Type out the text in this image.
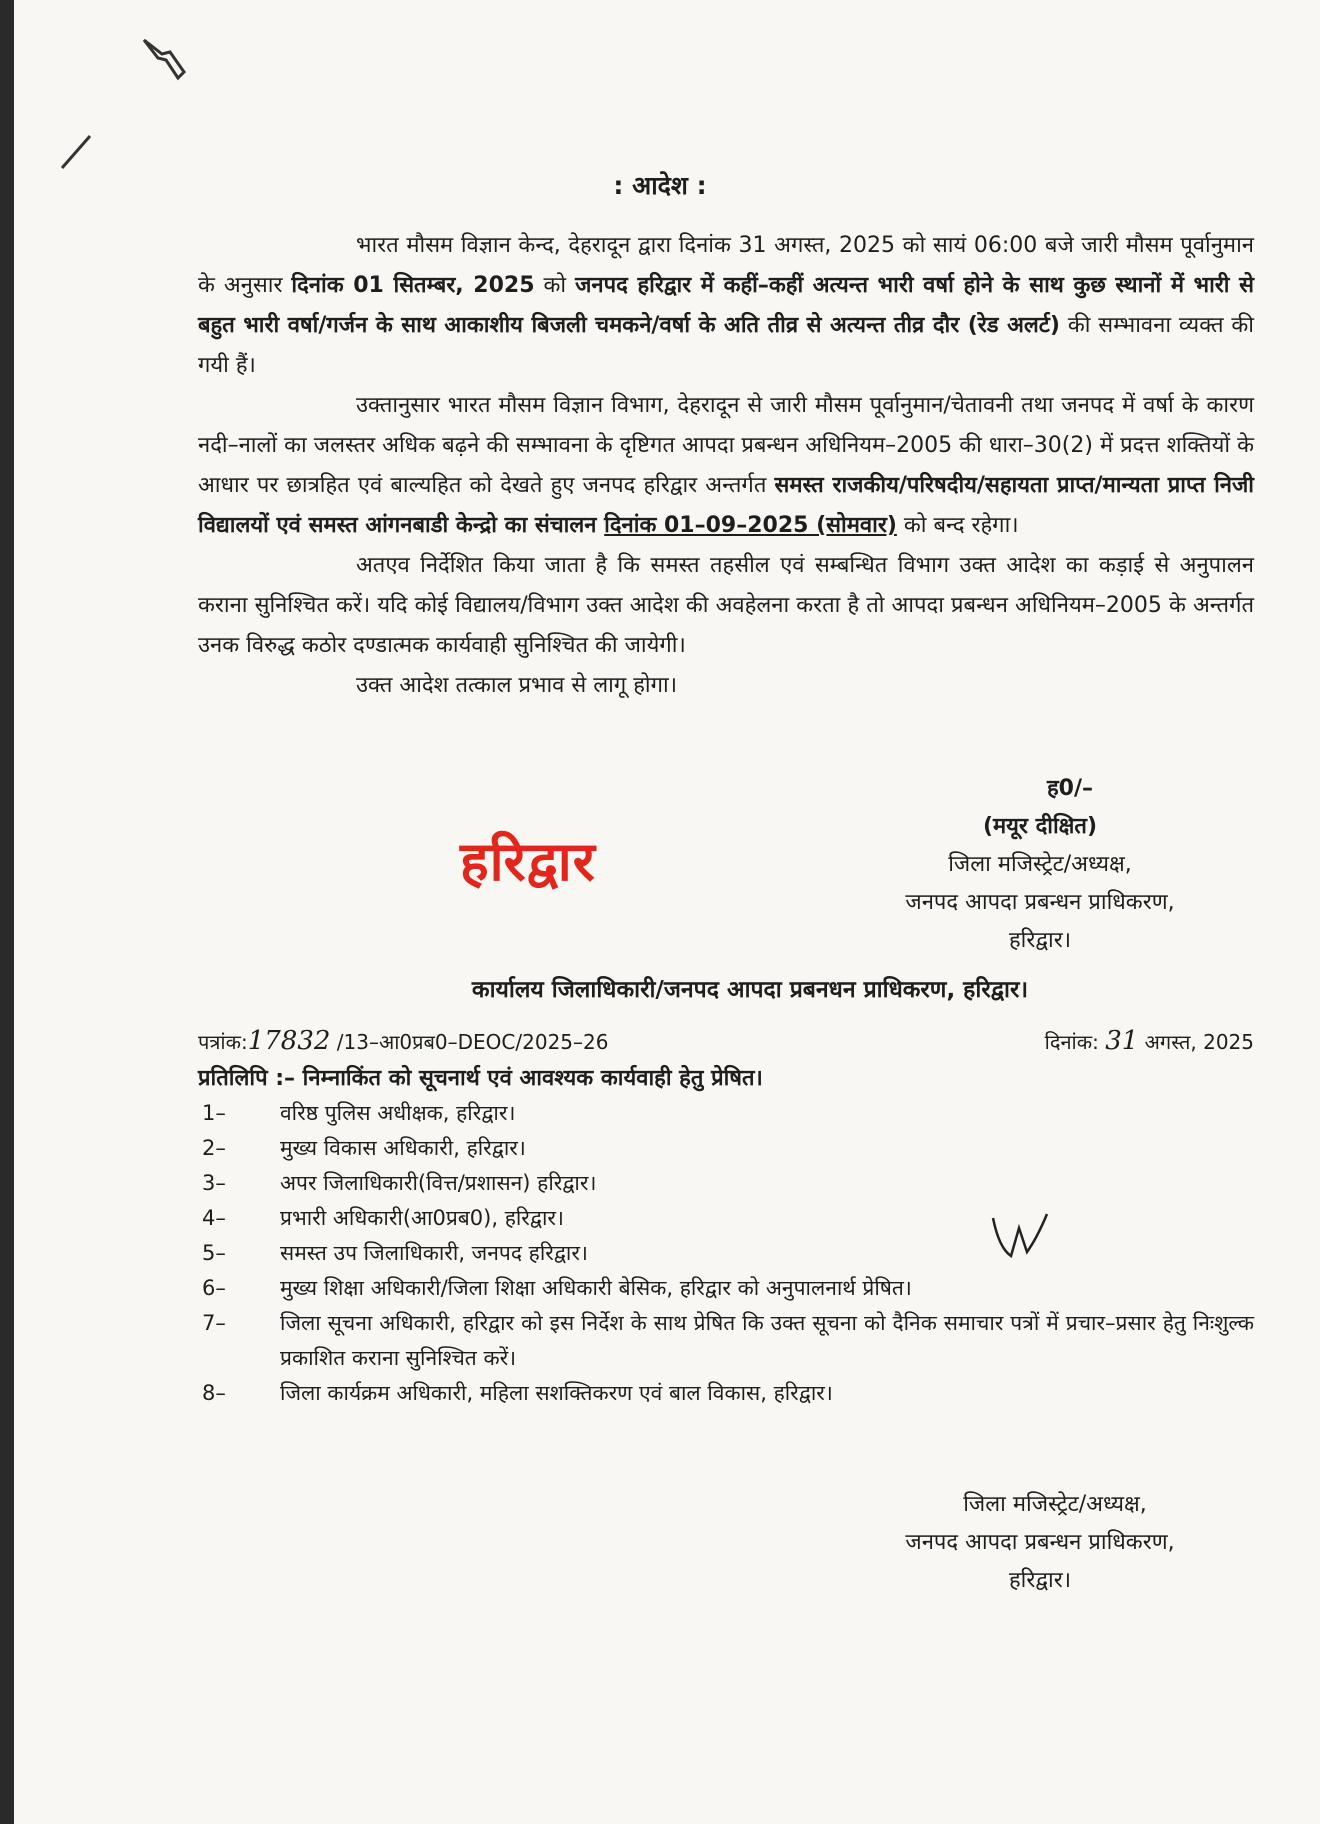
: आदेश :

भारत मौसम विज्ञान केन्द, देहरादून द्वारा दिनांक 31 अगस्त, 2025 को सायं 06:00 बजे जारी मौसम पूर्वानुमान के अनुसार दिनांक 01 सितम्बर, 2025 को जनपद हरिद्वार में कहीं–कहीं अत्यन्त भारी वर्षा होने के साथ कुछ स्थानों में भारी से बहुत भारी वर्षा/गर्जन के साथ आकाशीय बिजली चमकने/वर्षा के अति तीव्र से अत्यन्त तीव्र दौर (रेड अलर्ट) की सम्भावना व्यक्त की गयी हैं।

उक्तानुसार भारत मौसम विज्ञान विभाग, देहरादून से जारी मौसम पूर्वानुमान/चेतावनी तथा जनपद में वर्षा के कारण नदी–नालों का जलस्तर अधिक बढ़ने की सम्भावना के दृष्टिगत आपदा प्रबन्धन अधिनियम–2005 की धारा–30(2) में प्रदत्त शक्तियों के आधार पर छात्रहित एवं बाल्यहित को देखते हुए जनपद हरिद्वार अन्तर्गत समस्त राजकीय/परिषदीय/सहायता प्राप्त/मान्यता प्राप्त निजी विद्यालयों एवं समस्त आंगनबाडी केन्द्रो का संचालन दिनांक 01–09–2025 (सोमवार) को बन्द रहेगा।

अतएव निर्देशित किया जाता है कि समस्त तहसील एवं सम्बन्धित विभाग उक्त आदेश का कड़ाई से अनुपालन कराना सुनिश्चित करें। यदि कोई विद्यालय/विभाग उक्त आदेश की अवहेलना करता है तो आपदा प्रबन्धन अधिनियम–2005 के अन्तर्गत उनक विरुद्ध कठोर दण्डात्मक कार्यवाही सुनिश्चित की जायेगी।

उक्त आदेश तत्काल प्रभाव से लागू होगा।

हरिद्वार
ह0/–
(मयूर दीक्षित)
जिला मजिस्ट्रेट/अध्यक्ष,
जनपद आपदा प्रबन्धन प्राधिकरण,
हरिद्वार।
कार्यालय जिलाधिकारी/जनपद आपदा प्रबनधन प्राधिकरण, हरिद्वार।
पत्रांक:17832 /13–आ0प्रब0–DEOC/2025–26	दिनांक: 31 अगस्त, 2025
प्रतिलिपि :– निम्नाकिंत को सूचनार्थ एवं आवश्यक कार्यवाही हेतु प्रेषित।
1–	वरिष्ठ पुलिस अधीक्षक, हरिद्वार।
2–	मुख्य विकास अधिकारी, हरिद्वार।
3–	अपर जिलाधिकारी(वित्त/प्रशासन) हरिद्वार।
4–	प्रभारी अधिकारी(आ0प्रब0), हरिद्वार।
5–	समस्त उप जिलाधिकारी, जनपद हरिद्वार।
6–	मुख्य शिक्षा अधिकारी/जिला शिक्षा अधिकारी बेसिक, हरिद्वार को अनुपालनार्थ प्रेषित।
7–	जिला सूचना अधिकारी, हरिद्वार को इस निर्देश के साथ प्रेषित कि उक्त सूचना को दैनिक समाचार पत्रों में प्रचार–प्रसार हेतु निःशुल्क प्रकाशित कराना सुनिश्चित करें।
8–	जिला कार्यक्रम अधिकारी, महिला सशक्तिकरण एवं बाल विकास, हरिद्वार।
जिला मजिस्ट्रेट/अध्यक्ष,
जनपद आपदा प्रबन्धन प्राधिकरण,
हरिद्वार।
